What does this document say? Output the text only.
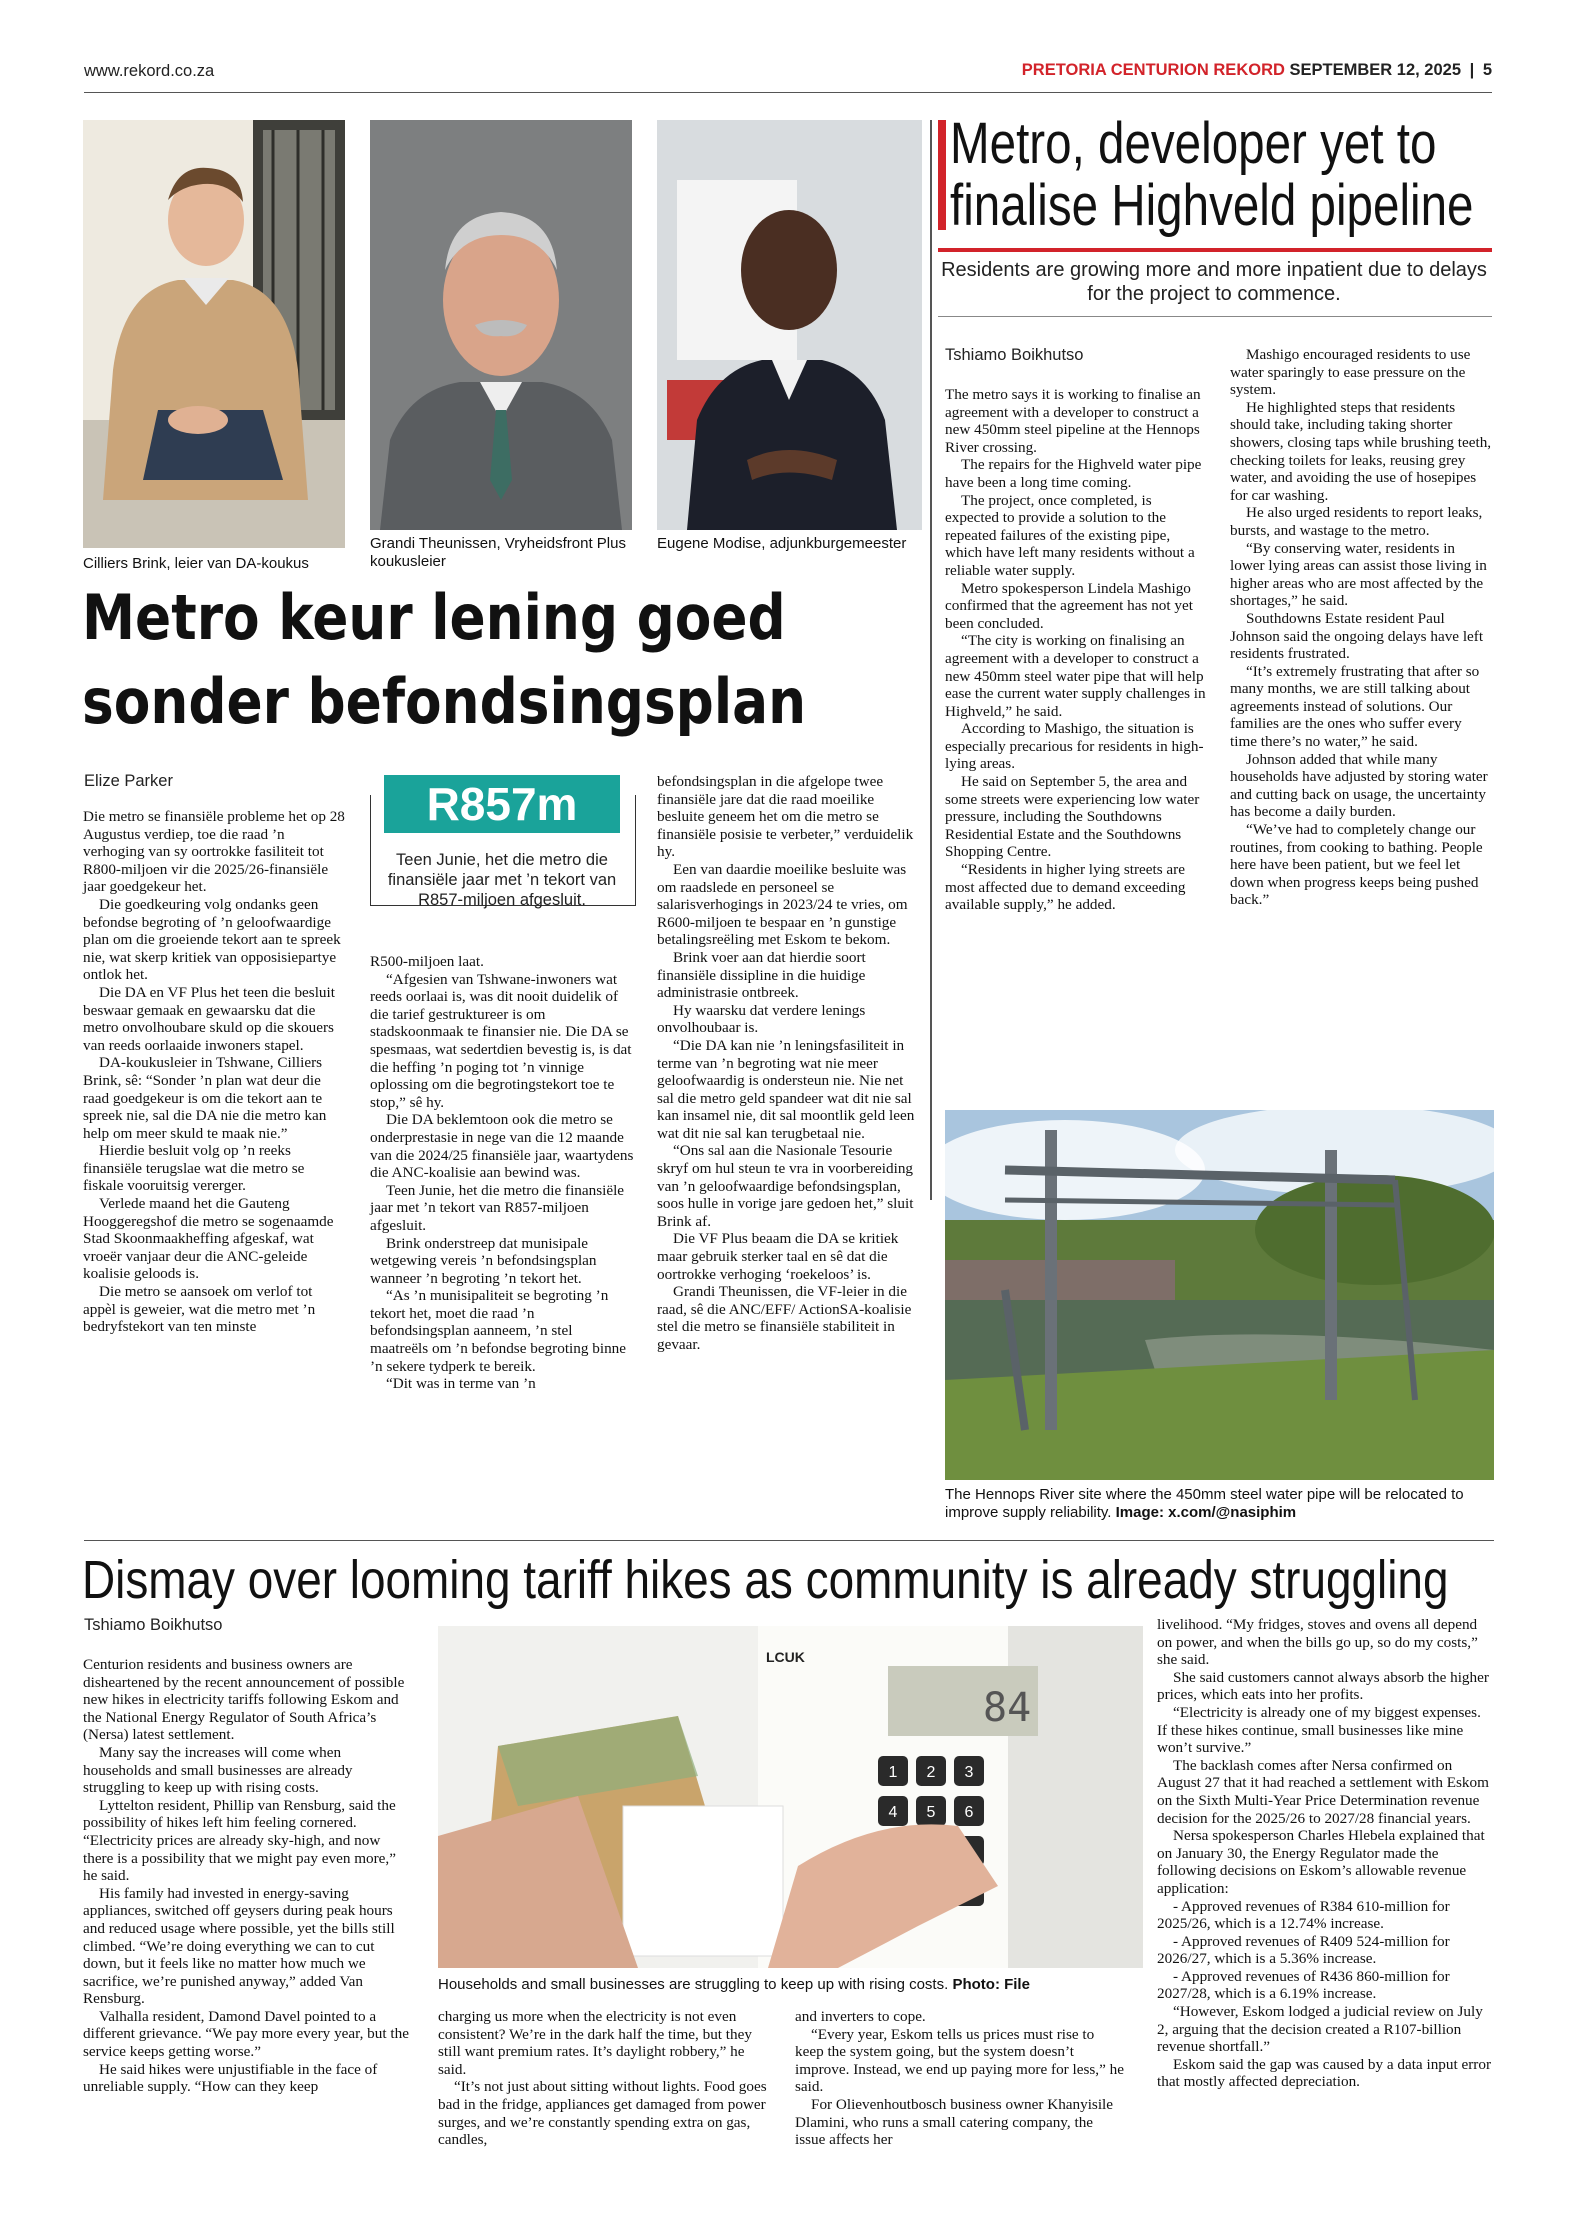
www.rekord.co.za	PRETORIA CENTURION REKORD SEPTEMBER 12, 2025 | 5
Cilliers Brink, leier van DA-koukus
Grandi Theunissen, Vryheidsfront Plus koukusleier
Eugene Modise, adjunkburgemeester
Metro keur lening goed
sonder befondsingsplan
Elize Parker	R857m
Teen Junie, het die metro die finansiële jaar met ’n tekort van R857-miljoen afgesluit.

Die metro se finansiële probleme het op 28 Augustus verdiep, toe die raad ’n verhoging van sy oortrokke fasiliteit tot R800-miljoen vir die 2025/26-finansiële jaar goedgekeur het.

Die goedkeuring volg ondanks geen befondse begroting of ’n geloofwaardige plan om die groeiende tekort aan te spreek nie, wat skerp kritiek van opposisiepartye ontlok het.

Die DA en VF Plus het teen die besluit beswaar gemaak en gewaarsku dat die metro onvolhoubare skuld op die skouers van reeds oorlaaide inwoners stapel.

DA-koukusleier in Tshwane, Cilliers Brink, sê: “Sonder ’n plan wat deur die raad goedgekeur is om die tekort aan te spreek nie, sal die DA nie die metro kan help om meer skuld te maak nie.”

Hierdie besluit volg op ’n reeks finansiële terugslae wat die metro se fiskale vooruitsig vererger.

Verlede maand het die Gauteng Hooggeregshof die metro se sogenaamde Stad Skoonmaakheffing afgeskaf, wat vroeër vanjaar deur die ANC-geleide koalisie geloods is.

Die metro se aansoek om verlof tot appèl is geweier, wat die metro met ’n bedryfstekort van ten minste

R500-miljoen laat.

“Afgesien van Tshwane-inwoners wat reeds oorlaai is, was dit nooit duidelik of die tarief gestruktureer is om stadskoonmaak te finansier nie. Die DA se spesmaas, wat sedertdien bevestig is, is dat die heffing ’n poging tot ’n vinnige oplossing om die begrotingstekort toe te stop,” sê hy.

Die DA beklemtoon ook die metro se onderprestasie in nege van die 12 maande van die 2024/25 finansiële jaar, waartydens die ANC-koalisie aan bewind was.

Teen Junie, het die metro die finansiële jaar met ’n tekort van R857-miljoen afgesluit.

Brink onderstreep dat munisipale wetgewing vereis ’n befondsingsplan wanneer ’n begroting ’n tekort het.

“As ’n munisipaliteit se begroting ’n tekort het, moet die raad ’n befondsingsplan aanneem, ’n stel maatreëls om ’n befondse begroting binne ’n sekere tydperk te bereik.

“Dit was in terme van ’n

befondsingsplan in die afgelope twee finansiële jare dat die raad moeilike besluite geneem het om die metro se finansiële posisie te verbeter,” verduidelik hy.

Een van daardie moeilike besluite was om raadslede en personeel se salarisverhogings in 2023/24 te vries, om R600-miljoen te bespaar en ’n gunstige betalingsreëling met Eskom te bekom.

Brink voer aan dat hierdie soort finansiële dissipline in die huidige administrasie ontbreek.

Hy waarsku dat verdere lenings onvolhoubaar is.

“Die DA kan nie ’n leningsfasiliteit in terme van ’n begroting wat nie meer geloofwaardig is ondersteun nie. Nie net sal die metro geld spandeer wat dit nie sal kan insamel nie, dit sal moontlik geld leen wat dit nie sal kan terugbetaal nie.

“Ons sal aan die Nasionale Tesourie skryf om hul steun te vra in voorbereiding van ’n geloofwaardige befondsingsplan, soos hulle in vorige jare gedoen het,” sluit Brink af.

Die VF Plus beaam die DA se kritiek maar gebruik sterker taal en sê dat die oortrokke verhoging ‘roekeloos’ is.

Grandi Theunissen, die VF-leier in die raad, sê die ANC/EFF/ ActionSA-koalisie stel die metro se finansiële stabiliteit in gevaar.

Metro, developer yet to
finalise Highveld pipeline
Residents are growing more and more inpatient due to delays for the project to commence.
Tshiamo Boikhutso

The metro says it is working to finalise an agreement with a developer to construct a new 450mm steel pipeline at the Hennops River crossing.

The repairs for the Highveld water pipe have been a long time coming.

The project, once completed, is expected to provide a solution to the repeated failures of the existing pipe, which have left many residents without a reliable water supply.

Metro spokesperson Lindela Mashigo confirmed that the agreement has not yet been concluded.

“The city is working on finalising an agreement with a developer to construct a new 450mm steel water pipe that will help ease the current water supply challenges in Highveld,” he said.

According to Mashigo, the situation is especially precarious for residents in high-lying areas.

He said on September 5, the area and some streets were experiencing low water pressure, including the Southdowns Residential Estate and the Southdowns Shopping Centre.

“Residents in higher lying streets are most affected due to demand exceeding available supply,” he added.

Mashigo encouraged residents to use water sparingly to ease pressure on the system.

He highlighted steps that residents should take, including taking shorter showers, closing taps while brushing teeth, checking toilets for leaks, reusing grey water, and avoiding the use of hosepipes for car washing.

He also urged residents to report leaks, bursts, and wastage to the metro.

“By conserving water, residents in lower lying areas can assist those living in higher areas who are most affected by the shortages,” he said.

Southdowns Estate resident Paul Johnson said the ongoing delays have left residents frustrated.

“It’s extremely frustrating that after so many months, we are still talking about agreements instead of solutions. Our families are the ones who suffer every time there’s no water,” he said.

Johnson added that while many households have adjusted by storing water and cutting back on usage, the uncertainty has become a daily burden.

“We’ve had to completely change our routines, from cooking to bathing. People here have been patient, but we feel let down when progress keeps being pushed back.”

The Hennops River site where the 450mm steel water pipe will be relocated to improve supply reliability. Image: x.com/@nasiphim
Dismay over looming tariff hikes as community is already struggling
Tshiamo Boikhutso

Centurion residents and business owners are disheartened by the recent announcement of possible new hikes in electricity tariffs following Eskom and the National Energy Regulator of South Africa’s (Nersa) latest settlement.

Many say the increases will come when households and small businesses are already struggling to keep up with rising costs.

Lyttelton resident, Phillip van Rensburg, said the possibility of hikes left him feeling cornered. “Electricity prices are already sky-high, and now there is a possibility that we might pay even more,” he said.

His family had invested in energy-saving appliances, switched off geysers during peak hours and reduced usage where possible, yet the bills still climbed. “We’re doing everything we can to cut down, but it feels like no matter how much we sacrifice, we’re punished anyway,” added Van Rensburg.

Valhalla resident, Damond Davel pointed to a different grievance. “We pay more every year, but the service keeps getting worse.”

He said hikes were unjustifiable in the face of unreliable supply. “How can they keep

84
LCUK
1 2 3
4 5 6
Households and small businesses are struggling to keep up with rising costs. Photo: File

charging us more when the electricity is not even consistent? We’re in the dark half the time, but they still want premium rates. It’s daylight robbery,” he said.

“It’s not just about sitting without lights. Food goes bad in the fridge, appliances get damaged from power surges, and we’re constantly spending extra on gas, candles,

and inverters to cope.

“Every year, Eskom tells us prices must rise to keep the system going, but the system doesn’t improve. Instead, we end up paying more for less,” he said.

For Olievenhoutbosch business owner Khanyisile Dlamini, who runs a small catering company, the issue affects her

livelihood. “My fridges, stoves and ovens all depend on power, and when the bills go up, so do my costs,” she said.

She said customers cannot always absorb the higher prices, which eats into her profits.

“Electricity is already one of my biggest expenses. If these hikes continue, small businesses like mine won’t survive.”

The backlash comes after Nersa confirmed on August 27 that it had reached a settlement with Eskom on the Sixth Multi-Year Price Determination revenue decision for the 2025/26 to 2027/28 financial years.

Nersa spokesperson Charles Hlebela explained that on January 30, the Energy Regulator made the following decisions on Eskom’s allowable revenue application:

- Approved revenues of R384 610-million for 2025/26, which is a 12.74% increase.

- Approved revenues of R409 524-million for 2026/27, which is a 5.36% increase.

- Approved revenues of R436 860-million for 2027/28, which is a 6.19% increase.

“However, Eskom lodged a judicial review on July 2, arguing that the decision created a R107-billion revenue shortfall.”

Eskom said the gap was caused by a data input error that mostly affected depreciation.
